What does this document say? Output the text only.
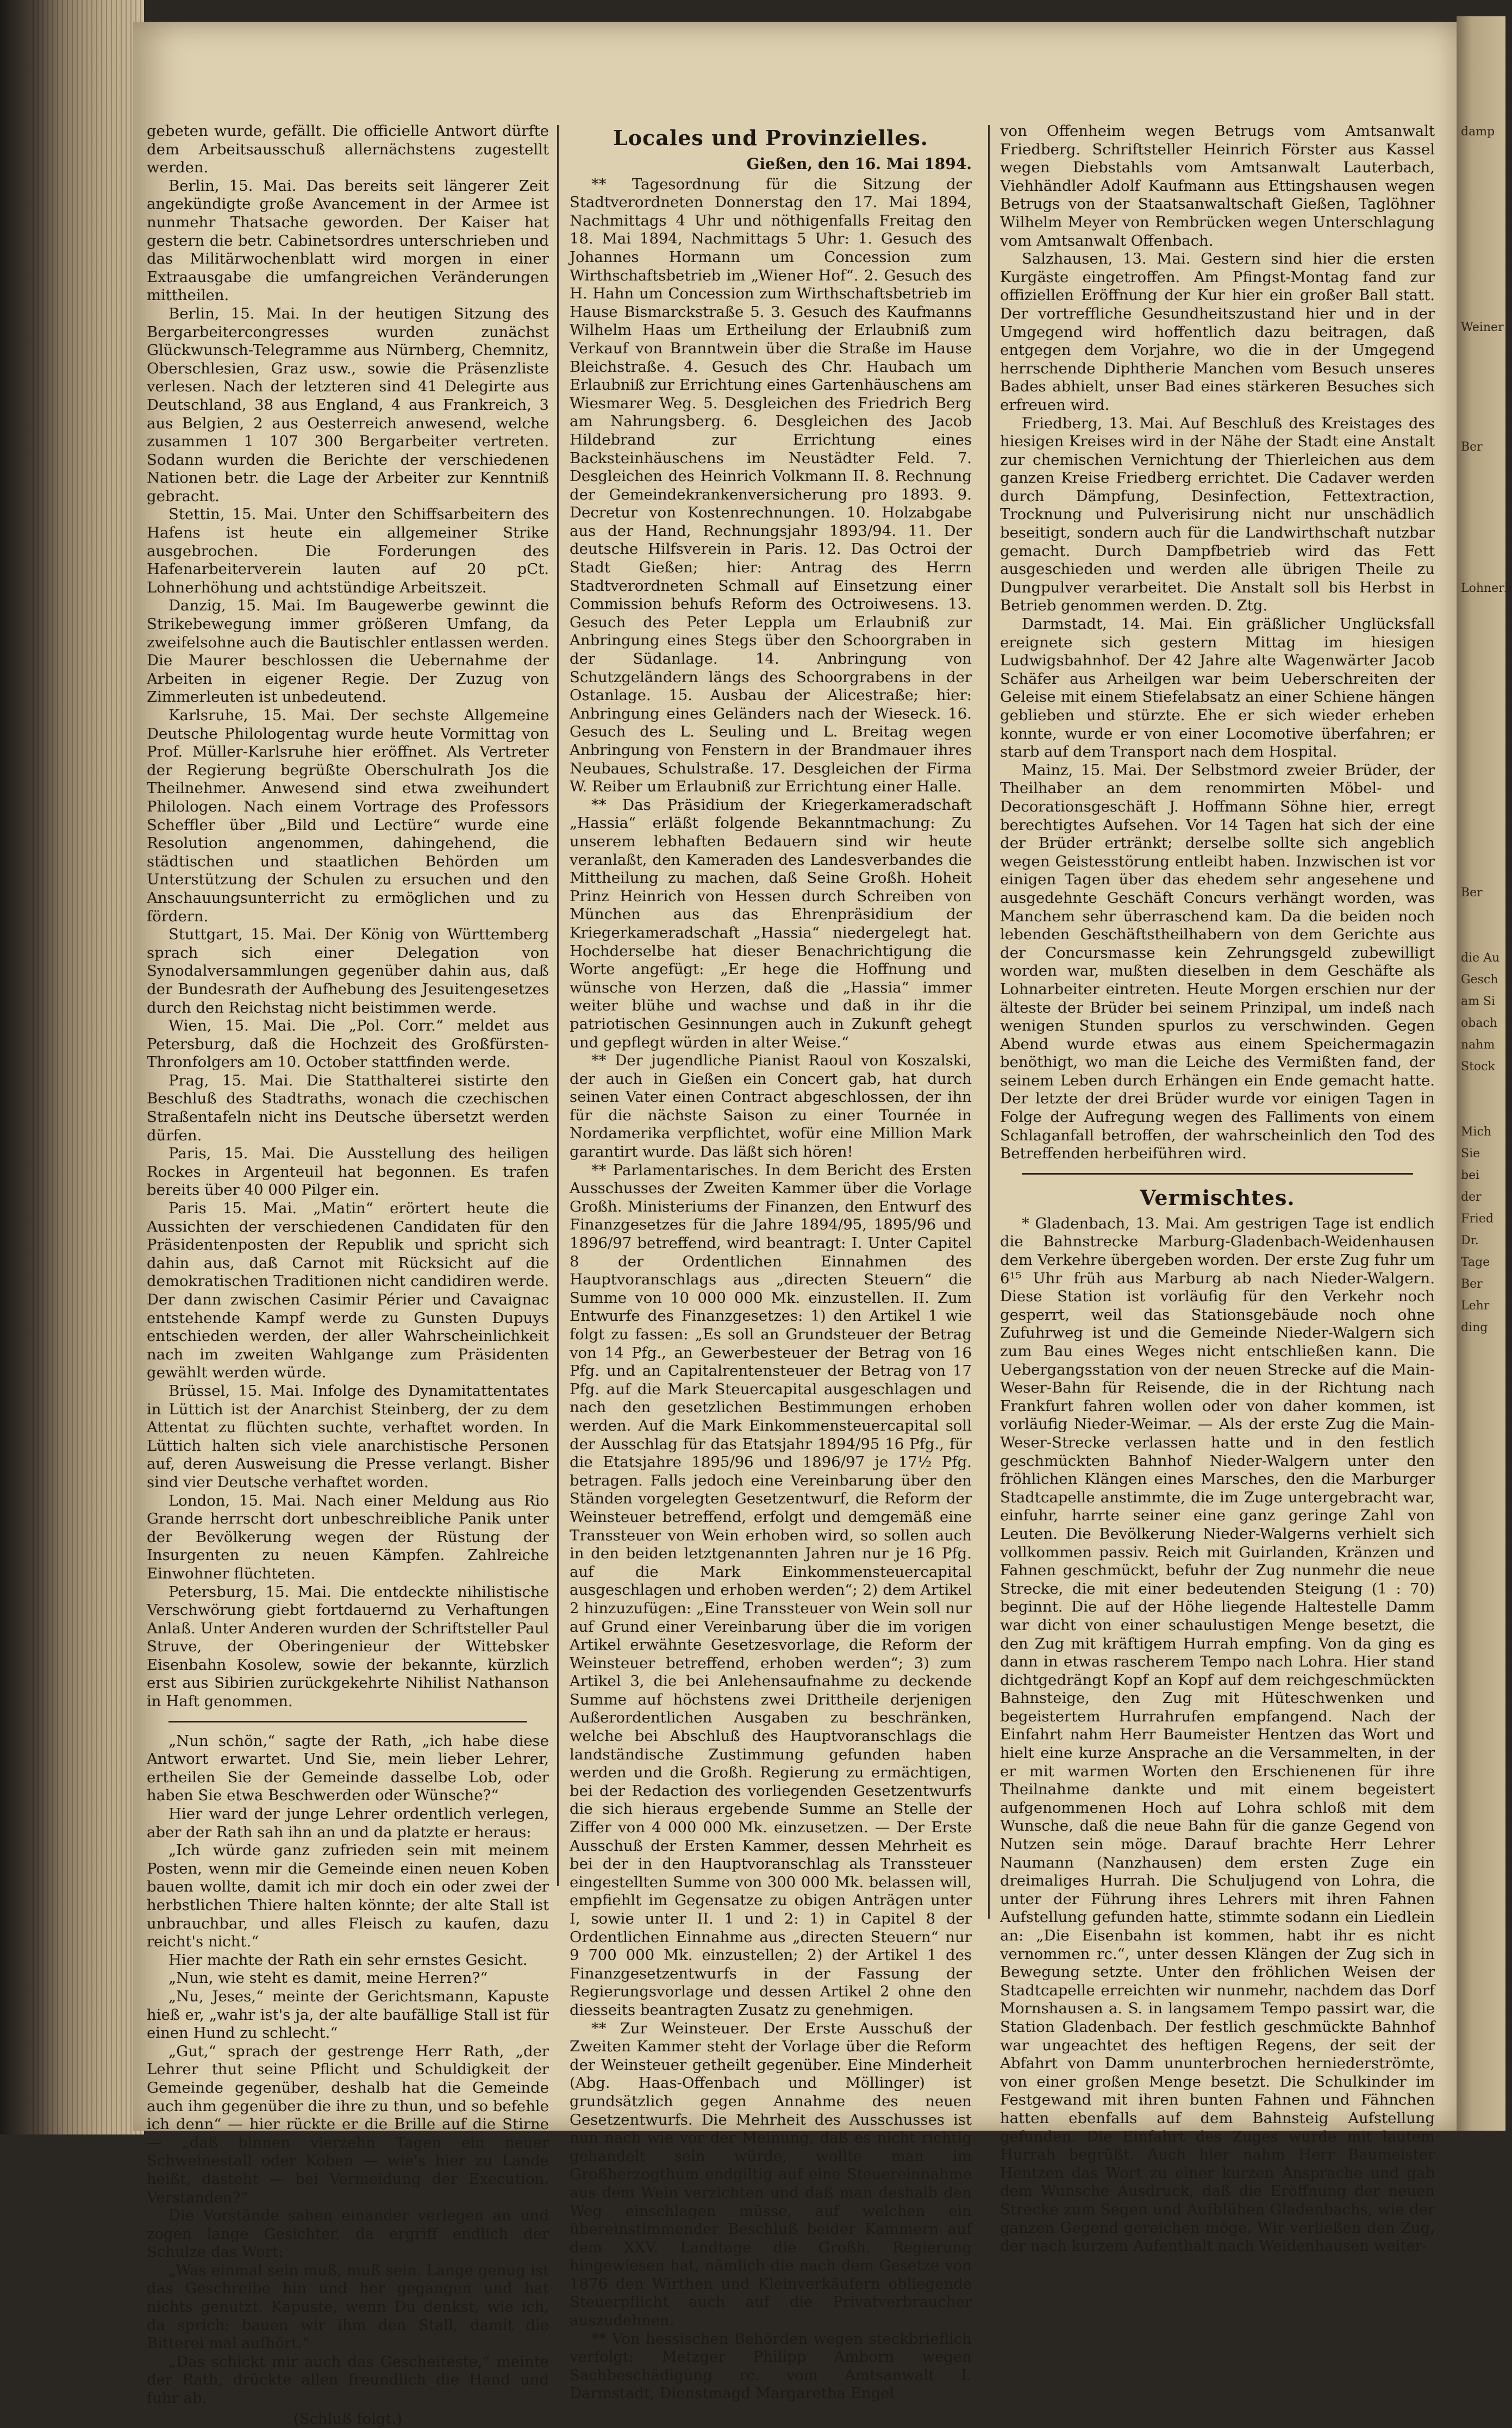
damp
Weiner
Ber
Lohnerh
Ber
die Au
Gesch
am Si
obach
nahm
Stock
Mich
Sie
bei
der
Fried
Dr.
Tage
Ber
Lehr
ding

gebeten wurde, gefällt. Die officielle Antwort dürfte dem Arbeitsausschuß allernächstens zugestellt werden.

Berlin, 15. Mai. Das bereits seit längerer Zeit angekündigte große Avancement in der Armee ist nunmehr Thatsache geworden. Der Kaiser hat gestern die betr. Cabinetsordres unterschrieben und das Militärwochenblatt wird morgen in einer Extraausgabe die umfangreichen Veränderungen mittheilen.

Berlin, 15. Mai. In der heutigen Sitzung des Bergarbeitercongresses wurden zunächst Glückwunsch-Telegramme aus Nürnberg, Chemnitz, Oberschlesien, Graz usw., sowie die Präsenzliste verlesen. Nach der letzteren sind 41 Delegirte aus Deutschland, 38 aus England, 4 aus Frankreich, 3 aus Belgien, 2 aus Oesterreich anwesend, welche zusammen 1 107 300 Bergarbeiter vertreten. Sodann wurden die Berichte der verschiedenen Nationen betr. die Lage der Arbeiter zur Kenntniß gebracht.

Stettin, 15. Mai. Unter den Schiffsarbeitern des Hafens ist heute ein allgemeiner Strike ausgebrochen. Die Forderungen des Hafenarbeiterverein lauten auf 20 pCt. Lohnerhöhung und achtstündige Arbeitszeit.

Danzig, 15. Mai. Im Baugewerbe gewinnt die Strikebewegung immer größeren Umfang, da zweifelsohne auch die Bautischler entlassen werden. Die Maurer beschlossen die Uebernahme der Arbeiten in eigener Regie. Der Zuzug von Zimmerleuten ist unbedeutend.

Karlsruhe, 15. Mai. Der sechste Allgemeine Deutsche Philologentag wurde heute Vormittag von Prof. Müller-Karlsruhe hier eröffnet. Als Vertreter der Regierung begrüßte Oberschulrath Jos die Theilnehmer. Anwesend sind etwa zweihundert Philologen. Nach einem Vortrage des Professors Scheffler über „Bild und Lectüre“ wurde eine Resolution angenommen, dahingehend, die städtischen und staatlichen Behörden um Unterstützung der Schulen zu ersuchen und den Anschauungsunterricht zu ermöglichen und zu fördern.

Stuttgart, 15. Mai. Der König von Württemberg sprach sich einer Delegation von Synodalversammlungen gegenüber dahin aus, daß der Bundesrath der Aufhebung des Jesuitengesetzes durch den Reichstag nicht beistimmen werde.

Wien, 15. Mai. Die „Pol. Corr.“ meldet aus Petersburg, daß die Hochzeit des Großfürsten-Thronfolgers am 10. October stattfinden werde.

Prag, 15. Mai. Die Statthalterei sistirte den Beschluß des Stadtraths, wonach die czechischen Straßentafeln nicht ins Deutsche übersetzt werden dürfen.

Paris, 15. Mai. Die Ausstellung des heiligen Rockes in Argenteuil hat begonnen. Es trafen bereits über 40 000 Pilger ein.

Paris 15. Mai. „Matin“ erörtert heute die Aussichten der verschiedenen Candidaten für den Präsidentenposten der Republik und spricht sich dahin aus, daß Carnot mit Rücksicht auf die demokratischen Traditionen nicht candidiren werde. Der dann zwischen Casimir Périer und Cavaignac entstehende Kampf werde zu Gunsten Dupuys entschieden werden, der aller Wahrscheinlichkeit nach im zweiten Wahlgange zum Präsidenten gewählt werden würde.

Brüssel, 15. Mai. Infolge des Dynamitattentates in Lüttich ist der Anarchist Steinberg, der zu dem Attentat zu flüchten suchte, verhaftet worden. In Lüttich halten sich viele anarchistische Personen auf, deren Ausweisung die Presse verlangt. Bisher sind vier Deutsche verhaftet worden.

London, 15. Mai. Nach einer Meldung aus Rio Grande herrscht dort unbeschreibliche Panik unter der Bevölkerung wegen der Rüstung der Insurgenten zu neuen Kämpfen. Zahlreiche Einwohner flüchteten.

Petersburg, 15. Mai. Die entdeckte nihilistische Verschwörung giebt fortdauernd zu Verhaftungen Anlaß. Unter Anderen wurden der Schriftsteller Paul Struve, der Oberingenieur der Wittebsker Eisenbahn Kosolew, sowie der bekannte, kürzlich erst aus Sibirien zurückgekehrte Nihilist Nathanson in Haft genommen.

„Nun schön,“ sagte der Rath, „ich habe diese Antwort erwartet. Und Sie, mein lieber Lehrer, ertheilen Sie der Gemeinde dasselbe Lob, oder haben Sie etwa Beschwerden oder Wünsche?“

Hier ward der junge Lehrer ordentlich verlegen, aber der Rath sah ihn an und da platzte er heraus:

„Ich würde ganz zufrieden sein mit meinem Posten, wenn mir die Gemeinde einen neuen Koben bauen wollte, damit ich mir doch ein oder zwei der herbstlichen Thiere halten könnte; der alte Stall ist unbrauchbar, und alles Fleisch zu kaufen, dazu reicht's nicht.“

Hier machte der Rath ein sehr ernstes Gesicht.

„Nun, wie steht es damit, meine Herren?“

„Nu, Jeses,“ meinte der Gerichtsmann, Kapuste hieß er, „wahr ist's ja, der alte baufällige Stall ist für einen Hund zu schlecht.“

„Gut,“ sprach der gestrenge Herr Rath, „der Lehrer thut seine Pflicht und Schuldigkeit der Gemeinde gegenüber, deshalb hat die Gemeinde auch ihm gegenüber die ihre zu thun, und so befehle ich denn“ — hier rückte er die Brille auf die Stirne — „daß binnen vierzehn Tagen ein neuer Schweinestall oder Koben — wie's hier zu Lande heißt, dasteht — bei Vermeidung der Execution. Verstanden?“

Die Vorstände sahen einander verlegen an und zogen lange Gesichter, da ergriff endlich der Schulze das Wort:

„Was einmal sein muß, muß sein. Lange genug ist das Geschreibe hin und her gegangen und hat nichts genutzt. Kapuste, wenn Du denkst, wie ich, da sprich: bauen wir ihm den Stall, damit die Bitterei mal aufhört.“

„Das schickt mir auch das Gescheiteste,“ meinte der Rath, drückte allen freundlich die Hand und fuhr ab.

(Schluß folgt.)
Locales und Provinzielles.
Gießen, den 16. Mai 1894.

** Tagesordnung für die Sitzung der Stadtverordneten Donnerstag den 17. Mai 1894, Nachmittags 4 Uhr und nöthigenfalls Freitag den 18. Mai 1894, Nachmittags 5 Uhr: 1. Gesuch des Johannes Hormann um Concession zum Wirthschaftsbetrieb im „Wiener Hof“. 2. Gesuch des H. Hahn um Concession zum Wirthschaftsbetrieb im Hause Bismarckstraße 5. 3. Gesuch des Kaufmanns Wilhelm Haas um Ertheilung der Erlaubniß zum Verkauf von Branntwein über die Straße im Hause Bleichstraße. 4. Gesuch des Chr. Haubach um Erlaubniß zur Errichtung eines Gartenhäuschens am Wiesmarer Weg. 5. Desgleichen des Friedrich Berg am Nahrungsberg. 6. Desgleichen des Jacob Hildebrand zur Errichtung eines Backsteinhäuschens im Neustädter Feld. 7. Desgleichen des Heinrich Volkmann II. 8. Rechnung der Gemeindekrankenversicherung pro 1893. 9. Decretur von Kostenrechnungen. 10. Holzabgabe aus der Hand, Rechnungsjahr 1893/94. 11. Der deutsche Hilfsverein in Paris. 12. Das Octroi der Stadt Gießen; hier: Antrag des Herrn Stadtverordneten Schmall auf Einsetzung einer Commission behufs Reform des Octroiwesens. 13. Gesuch des Peter Leppla um Erlaubniß zur Anbringung eines Stegs über den Schoorgraben in der Südanlage. 14. Anbringung von Schutzgeländern längs des Schoorgrabens in der Ostanlage. 15. Ausbau der Alicestraße; hier: Anbringung eines Geländers nach der Wieseck. 16. Gesuch des L. Seuling und L. Breitag wegen Anbringung von Fenstern in der Brandmauer ihres Neubaues, Schulstraße. 17. Desgleichen der Firma W. Reiber um Erlaubniß zur Errichtung einer Halle.

** Das Präsidium der Kriegerkameradschaft „Hassia“ erläßt folgende Bekanntmachung: Zu unserem lebhaften Bedauern sind wir heute veranlaßt, den Kameraden des Landesverbandes die Mittheilung zu machen, daß Seine Großh. Hoheit Prinz Heinrich von Hessen durch Schreiben von München aus das Ehrenpräsidium der Kriegerkameradschaft „Hassia“ niedergelegt hat. Hochderselbe hat dieser Benachrichtigung die Worte angefügt: „Er hege die Hoffnung und wünsche von Herzen, daß die „Hassia“ immer weiter blühe und wachse und daß in ihr die patriotischen Gesinnungen auch in Zukunft gehegt und gepflegt würden in alter Weise.“

** Der jugendliche Pianist Raoul von Koszalski, der auch in Gießen ein Concert gab, hat durch seinen Vater einen Contract abgeschlossen, der ihn für die nächste Saison zu einer Tournée in Nordamerika verpflichtet, wofür eine Million Mark garantirt wurde. Das läßt sich hören!

** Parlamentarisches. In dem Bericht des Ersten Ausschusses der Zweiten Kammer über die Vorlage Großh. Ministeriums der Finanzen, den Entwurf des Finanzgesetzes für die Jahre 1894/95, 1895/96 und 1896/97 betreffend, wird beantragt: I. Unter Capitel 8 der Ordentlichen Einnahmen des Hauptvoranschlags aus „directen Steuern“ die Summe von 10 000 000 Mk. einzustellen. II. Zum Entwurfe des Finanzgesetzes: 1) den Artikel 1 wie folgt zu fassen: „Es soll an Grundsteuer der Betrag von 14 Pfg., an Gewerbesteuer der Betrag von 16 Pfg. und an Capitalrentensteuer der Betrag von 17 Pfg. auf die Mark Steuercapital ausgeschlagen und nach den gesetzlichen Bestimmungen erhoben werden. Auf die Mark Einkommensteuercapital soll der Ausschlag für das Etatsjahr 1894/95 16 Pfg., für die Etatsjahre 1895/96 und 1896/97 je 17½ Pfg. betragen. Falls jedoch eine Vereinbarung über den Ständen vorgelegten Gesetzentwurf, die Reform der Weinsteuer betreffend, erfolgt und demgemäß eine Transsteuer von Wein erhoben wird, so sollen auch in den beiden letztgenannten Jahren nur je 16 Pfg. auf die Mark Einkommensteuercapital ausgeschlagen und erhoben werden“; 2) dem Artikel 2 hinzuzufügen: „Eine Transsteuer von Wein soll nur auf Grund einer Vereinbarung über die im vorigen Artikel erwähnte Gesetzesvorlage, die Reform der Weinsteuer betreffend, erhoben werden“; 3) zum Artikel 3, die bei Anlehensaufnahme zu deckende Summe auf höchstens zwei Drittheile derjenigen Außerordentlichen Ausgaben zu beschränken, welche bei Abschluß des Hauptvoranschlags die landständische Zustimmung gefunden haben werden und die Großh. Regierung zu ermächtigen, bei der Redaction des vorliegenden Gesetzentwurfs die sich hieraus ergebende Summe an Stelle der Ziffer von 4 000 000 Mk. einzusetzen. — Der Erste Ausschuß der Ersten Kammer, dessen Mehrheit es bei der in den Hauptvoranschlag als Transsteuer eingestellten Summe von 300 000 Mk. belassen will, empfiehlt im Gegensatze zu obigen Anträgen unter I, sowie unter II. 1 und 2: 1) in Capitel 8 der Ordentlichen Einnahme aus „directen Steuern“ nur 9 700 000 Mk. einzustellen; 2) der Artikel 1 des Finanzgesetzentwurfs in der Fassung der Regierungsvorlage und dessen Artikel 2 ohne den diesseits beantragten Zusatz zu genehmigen.

** Zur Weinsteuer. Der Erste Ausschuß der Zweiten Kammer steht der Vorlage über die Reform der Weinsteuer getheilt gegenüber. Eine Minderheit (Abg. Haas-Offenbach und Möllinger) ist grundsätzlich gegen Annahme des neuen Gesetzentwurfs. Die Mehrheit des Ausschusses ist nun nach wie vor der Meinung, daß es nicht richtig gehandelt sein würde, wollte man im Großherzogthum endgiltig auf eine Steuereinnahme aus dem Wein verzichten und daß man deshalb den Weg einschlagen müsse, auf welchen ein übereinstimmender Beschluß beider Kammern auf dem XXV. Landtage die Großh. Regierung hingewiesen hat, nämlich die nach dem Gesetze von 1876 den Wirthen und Kleinverkäufern obliegende Steuerpflicht auch auf die Privatverbraucher auszudehnen.

** Von hessischen Behörden wegen steckbrieflich verfolgt: Metzger Philipp Amborn wegen Sachbeschädigung rc. vom Amtsanwalt I. Darmstadt, Dienstmagd Margaretha Engel

von Offenheim wegen Betrugs vom Amtsanwalt Friedberg. Schriftsteller Heinrich Förster aus Kassel wegen Diebstahls vom Amtsanwalt Lauterbach, Viehhändler Adolf Kaufmann aus Ettingshausen wegen Betrugs von der Staatsanwaltschaft Gießen, Taglöhner Wilhelm Meyer von Rembrücken wegen Unterschlagung vom Amtsanwalt Offenbach.

Salzhausen, 13. Mai. Gestern sind hier die ersten Kurgäste eingetroffen. Am Pfingst-Montag fand zur offiziellen Eröffnung der Kur hier ein großer Ball statt. Der vortreffliche Gesundheitszustand hier und in der Umgegend wird hoffentlich dazu beitragen, daß entgegen dem Vorjahre, wo die in der Umgegend herrschende Diphtherie Manchen vom Besuch unseres Bades abhielt, unser Bad eines stärkeren Besuches sich erfreuen wird.

Friedberg, 13. Mai. Auf Beschluß des Kreistages des hiesigen Kreises wird in der Nähe der Stadt eine Anstalt zur chemischen Vernichtung der Thierleichen aus dem ganzen Kreise Friedberg errichtet. Die Cadaver werden durch Dämpfung, Desinfection, Fettextraction, Trocknung und Pulverisirung nicht nur unschädlich beseitigt, sondern auch für die Landwirthschaft nutzbar gemacht. Durch Dampfbetrieb wird das Fett ausgeschieden und werden alle übrigen Theile zu Dungpulver verarbeitet. Die Anstalt soll bis Herbst in Betrieb genommen werden. D. Ztg.

Darmstadt, 14. Mai. Ein gräßlicher Unglücksfall ereignete sich gestern Mittag im hiesigen Ludwigsbahnhof. Der 42 Jahre alte Wagenwärter Jacob Schäfer aus Arheilgen war beim Ueberschreiten der Geleise mit einem Stiefelabsatz an einer Schiene hängen geblieben und stürzte. Ehe er sich wieder erheben konnte, wurde er von einer Locomotive überfahren; er starb auf dem Transport nach dem Hospital.

Mainz, 15. Mai. Der Selbstmord zweier Brüder, der Theilhaber an dem renommirten Möbel- und Decorationsgeschäft J. Hoffmann Söhne hier, erregt berechtigtes Aufsehen. Vor 14 Tagen hat sich der eine der Brüder ertränkt; derselbe sollte sich angeblich wegen Geistesstörung entleibt haben. Inzwischen ist vor einigen Tagen über das ehedem sehr angesehene und ausgedehnte Geschäft Concurs verhängt worden, was Manchem sehr überraschend kam. Da die beiden noch lebenden Geschäftstheilhabern von dem Gerichte aus der Concursmasse kein Zehrungsgeld zubewilligt worden war, mußten dieselben in dem Geschäfte als Lohnarbeiter eintreten. Heute Morgen erschien nur der älteste der Brüder bei seinem Prinzipal, um indeß nach wenigen Stunden spurlos zu verschwinden. Gegen Abend wurde etwas aus einem Speichermagazin benöthigt, wo man die Leiche des Vermißten fand, der seinem Leben durch Erhängen ein Ende gemacht hatte. Der letzte der drei Brüder wurde vor einigen Tagen in Folge der Aufregung wegen des Falliments von einem Schlaganfall betroffen, der wahrscheinlich den Tod des Betreffenden herbeiführen wird.

Vermischtes.

* Gladenbach, 13. Mai. Am gestrigen Tage ist endlich die Bahnstrecke Marburg-Gladenbach-Weidenhausen dem Verkehre übergeben worden. Der erste Zug fuhr um 6¹⁵ Uhr früh aus Marburg ab nach Nieder-Walgern. Diese Station ist vorläufig für den Verkehr noch gesperrt, weil das Stationsgebäude noch ohne Zufuhrweg ist und die Gemeinde Nieder-Walgern sich zum Bau eines Weges nicht entschließen kann. Die Uebergangsstation von der neuen Strecke auf die Main-Weser-Bahn für Reisende, die in der Richtung nach Frankfurt fahren wollen oder von daher kommen, ist vorläufig Nieder-Weimar. — Als der erste Zug die Main-Weser-Strecke verlassen hatte und in den festlich geschmückten Bahnhof Nieder-Walgern unter den fröhlichen Klängen eines Marsches, den die Marburger Stadtcapelle anstimmte, die im Zuge untergebracht war, einfuhr, harrte seiner eine ganz geringe Zahl von Leuten. Die Bevölkerung Nieder-Walgerns verhielt sich vollkommen passiv. Reich mit Guirlanden, Kränzen und Fahnen geschmückt, befuhr der Zug nunmehr die neue Strecke, die mit einer bedeutenden Steigung (1 : 70) beginnt. Die auf der Höhe liegende Haltestelle Damm war dicht von einer schaulustigen Menge besetzt, die den Zug mit kräftigem Hurrah empfing. Von da ging es dann in etwas rascherem Tempo nach Lohra. Hier stand dichtgedrängt Kopf an Kopf auf dem reichgeschmückten Bahnsteige, den Zug mit Hüteschwenken und begeistertem Hurrahrufen empfangend. Nach der Einfahrt nahm Herr Baumeister Hentzen das Wort und hielt eine kurze Ansprache an die Versammelten, in der er mit warmen Worten den Erschienenen für ihre Theilnahme dankte und mit einem begeistert aufgenommenen Hoch auf Lohra schloß mit dem Wunsche, daß die neue Bahn für die ganze Gegend von Nutzen sein möge. Darauf brachte Herr Lehrer Naumann (Nanzhausen) dem ersten Zuge ein dreimaliges Hurrah. Die Schuljugend von Lohra, die unter der Führung ihres Lehrers mit ihren Fahnen Aufstellung gefunden hatte, stimmte sodann ein Liedlein an: „Die Eisenbahn ist kommen, habt ihr es nicht vernommen rc.“, unter dessen Klängen der Zug sich in Bewegung setzte. Unter den fröhlichen Weisen der Stadtcapelle erreichten wir nunmehr, nachdem das Dorf Mornshausen a. S. in langsamem Tempo passirt war, die Station Gladenbach. Der festlich geschmückte Bahnhof war ungeachtet des heftigen Regens, der seit der Abfahrt von Damm ununterbrochen herniederströmte, von einer großen Menge besetzt. Die Schulkinder im Festgewand mit ihren bunten Fahnen und Fähnchen hatten ebenfalls auf dem Bahnsteig Aufstellung gefunden. Die Einfahrt des Zuges wurde mit lautem Hurrah begrüßt. Auch hier nahm Herr Baumeister Hentzen das Wort zu einer kurzen Ansprache und gab dem Wunsche Ausdruck, daß die Eröffnung der neuen Strecke zum Segen und Aufblühen Gladenbachs, wie der ganzen Gegend gereichen möge. Wir verließen den Zug, der nach kurzem Aufenthalt nach Weidenhausen weiter-
